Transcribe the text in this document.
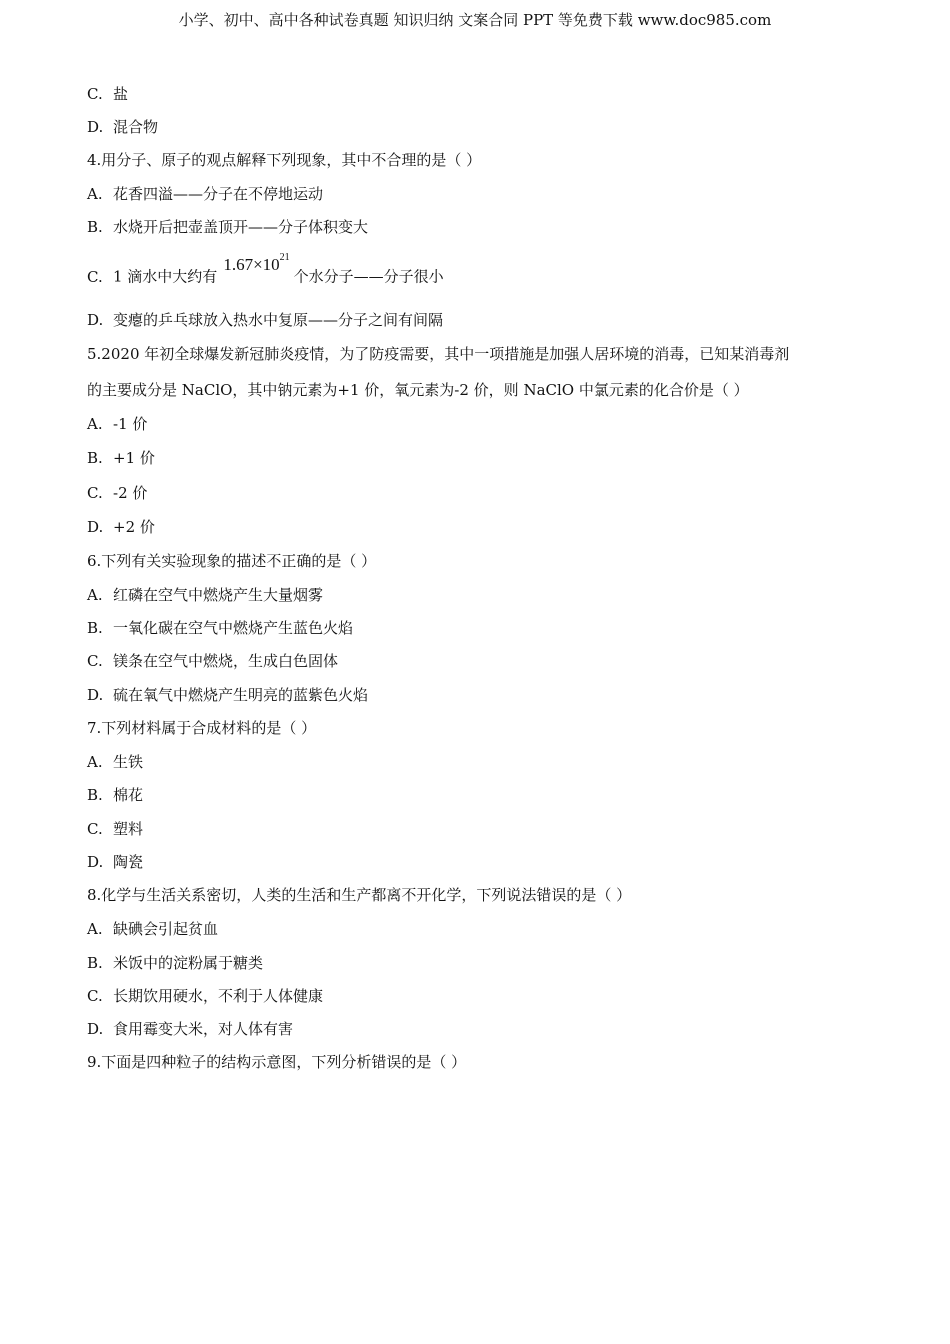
小学、初中、高中各种试卷真题 知识归纳 文案合同 PPT 等免费下载 www.doc985.com
C. 盐
D. 混合物
4.用分子、原子的观点解释下列现象，其中不合理的是（ ）
A. 花香四溢——分子在不停地运动
B. 水烧开后把壶盖顶开——分子体积变大
C. 1 滴水中大约有$1.67\times 10^{21}$个水分子——分子很小
D. 变瘪的乒乓球放入热水中复原——分子之间有间隔
5.2020 年初全球爆发新冠肺炎疫情，为了防疫需要，其中一项措施是加强人居环境的消毒，已知某消毒剂
的主要成分是 NaClO，其中钠元素为+1 价，氧元素为-2 价，则 NaClO 中氯元素的化合价是（ ）
A. -1 价
B. +1 价
C. -2 价
D. +2 价
6.下列有关实验现象的描述不正确的是（ ）
A. 红磷在空气中燃烧产生大量烟雾
B. 一氧化碳在空气中燃烧产生蓝色火焰
C. 镁条在空气中燃烧，生成白色固体
D. 硫在氧气中燃烧产生明亮的蓝紫色火焰
7.下列材料属于合成材料的是（ ）
A. 生铁
B. 棉花
C. 塑料
D. 陶瓷
8.化学与生活关系密切，人类的生活和生产都离不开化学，下列说法错误的是（ ）
A. 缺碘会引起贫血
B. 米饭中的淀粉属于糖类
C. 长期饮用硬水，不利于人体健康
D. 食用霉变大米，对人体有害
9.下面是四种粒子的结构示意图，下列分析错误的是（ ）
